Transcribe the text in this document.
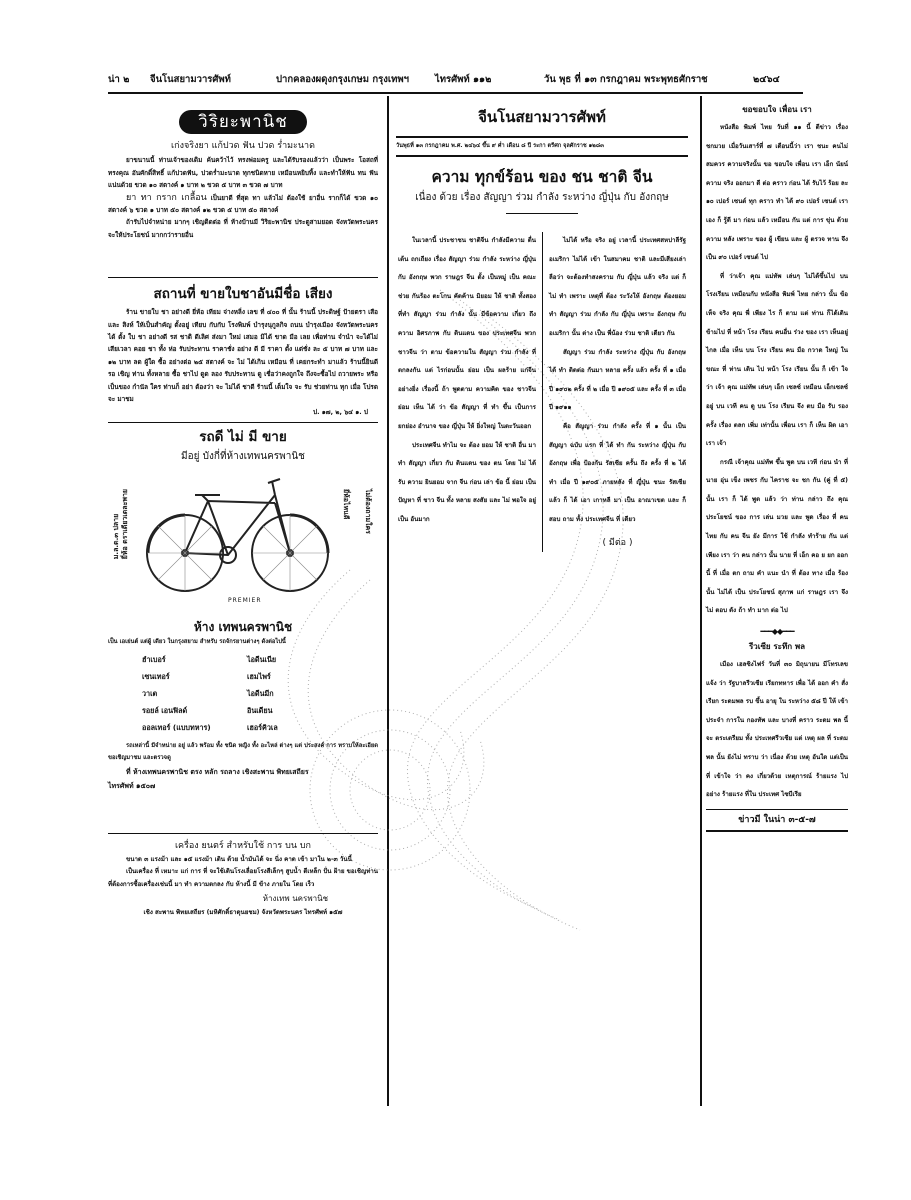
น่า ๒ จีนโนสยามวารศัพท์	ปากคลองผดุงกรุงเกษม กรุงเทพฯ	ไทรศัพท์ ๑๑๒	วัน พุธ ที่ ๑๓ กรกฎาคม พระพุทธศักราช	๒๔๖๔
วิริยะพานิช
เก่งจริงยา แก้ปวด ฟัน ปวด ร่ำมะนาด

ยาขนานนี้ ท่านเจ้าของเดิม ค้นคว้าไว้ ทรงพ่อมครู และได้รับรองแล้วว่า เป็นพระ โอสถที่ ทรงคุณ อันศักดิ์สิทธิ์ แก้ปวดฟัน, ปวดร่ำมะนาด ทุกชนิดหาย เหมือนหยิบทิ้ง และทำให้ฟัน ทน ฟันแน่นด้วย ขวด ๑๐ สตางค์ ๑ บาท ๒ ขวด ๕ บาท ๓ ขวด ๗ บาท

ยา ทา กราก เกลื้อน เป็นยาดี ที่สุด ทา แล้วไม่ ต้องใช้ ยาอื่น รากก็ได้ ขวด ๑๐ สตางค์ ๖ ขวด ๑ บาท ๕๐ สตางค์ ๑๒ ขวด ๕ บาท ๕๐ สตางค์

ถ้ารับไปจำหน่าย มากๆ เชิญติดต่อ ที่ ห้างบ้านมี วิริยะพานิช ประตูสามยอด จังหวัดพระนคร จะให้ประโยชน์ มากกว่ารายอื่น

สถานที่ ขายใบชาอันมีชื่อ เสียง

ร้าน ขายใบ ชา อย่างดี ยี่ห้อ เทียม จ่างหลิ่ง เลข ที่ ๔๐๐ ที่ นั้น ร้านนี้ ประดิษฐ์ ป้ายตรา เสือ และ สิงห์ ให้เป็นสำคัญ ตั้งอยู่ เทียบ กับกับ โรงพิมพ์ บำรุงนุกูลกิจ ถนน บำรุงเมือง จังหวัดพระนคร ได้ ตั้ง ใบ ชา อย่างดี รส ชาติ ดีเลิศ ส่งมา ใหม่ เสมอ มิได้ ขาด มือ เลย เพื่อท่าน จำนำ จะได้ไม่ เสียเวลา คอย ชา ทั้ง ห่อ รับประทาน ราคาชั่ง อย่าง ดี มี ราคา ตั้ง แต่ชั่ง ละ ๕ บาท ๗ บาท และ ๑๒ บาท ลด ผู้ใด ซื้อ อย่างต่อ ๒๕ สตางค์ จะ ไม่ ได้เกิน เหมือน ที่ เคยกระทำ มาแล้ว ร้านนี้ยินดี รอ เชิญ ท่าน ทั้งหลาย ซื้อ ชาไป ดูด ลอง รับประทาน ดู เชื่อว่าคงถูกใจ ถึงจะซื้อไป ถวายพระ หรือ เป็นของ กำนัล ใคร ท่านก็ อย่า ต้องว่า จะ ไม่ได้ ชาดี ร้านนี้ เต็มใจ จะ รับ ช่วยท่าน ทุก เมื่อ โปรด จะ มาชม

ป. ๑๗, ๒, ๖๔ ๑. ป
รถดี ไม่ มี ขาย
มีอยู่ บังกี่ที่ห้างเทพนครพานิช
ม.ล.ต.๓ ปลาย
ยี่ห้อ ตราเดียวเตละพาย
PREMIER
ยี่ห้อไหนดี ไม่ต้องถามใคร
ห้าง เทพนครพานิช
เป็น เอเย่นต์ แต่ผู้ เดียว ในกรุงสยาม สำหรับ รถจักรยานต่างๆ ดังต่อไปนี้
ฮำเบอร์	ไอดีนเนีย
เซนเทอร์	เฮมไพร์
วาเต	ไอดีนมีก
รอยล์ เอนฟิลด์	อินเดียน
ออลเทอร์ (แบบทหาร)	เฮอร์คิวเล

รถเหล่านี้ มีจำหน่าย อยู่ แล้ว พร้อม ทั้ง ชนิด หญิง ทั้ง อะไหล่ ต่างๆ แต่ ประสงค์ การ ทราบให้ละเอียด ขอเชิญมาชม และตรวจดู

ที่ ห้างเทพนครพานิช ตรง หลัก รถลาง เชิงสะพาน พิทยเสถียร

ไทรศัพท์ ๑๕๐๗
เครื่อง ยนตร์ สำหรับใช้ การ บน บก

ขนาด ๓ แรงม้า และ ๑๕ แรงม้า เติน ด้วย น้ำมันได้ จะ นิ่ง คาด เข้า มาใน ๒-๓ วันนี้

เป็นเครื่อง ที่ เหมาะ แก่ การ ที่ จะใช้เดินโรงเลื่อยโรงสีเล็กๆ สูบน้ำ ตีเหล็ก ปั่น ฝ้าย ขอเชิญท่านที่ต้องการซื้อเครื่องเช่นนี้ มา ทำ ความตกลง กับ ห้างนี้ มี ข้าง ภายใน โดย เร็ว

ห้างเทพ นครพานิช
เชิง สะพาน พิทยเสถียร (มหิศักดิ์ธาดุนยชม) จังหวัดพระนคร ไทรศัพท์ ๑๕๗
จีนโนสยามวารศัพท์
วันพุธที่ ๑๓ กรกฎาคม พ.ศ. ๒๔๖๔ ขึ้น ๙ ค่ำ เดือน ๘ ปี ระกา ตรีศก จุลศักราช ๑๒๘๓
ความ ทุกข์ร้อน ของ ชน ชาติ จีน
เนื่อง ด้วย เรื่อง สัญญา ร่วม กำลัง ระหว่าง ญี่ปุ่น กับ อังกฤษ

ในเวลานี้ ประชาชน ชาติจีน กำลังมีความ ตื่นเต้น ถกเถียง เรื่อง สัญญา ร่วม กำลัง ระหว่าง ญี่ปุ่น กับ อังกฤษ พวก ราษฎร จีน ตั้ง เป็นหมู่ เป็น คณะช่วย กันร้อง ตะโกน คัดค้าน มิยอม ให้ ชาติ ทั้งสอง ที่ทำ สัญญา ร่วม กำลัง นั้น มีข้อความ เกี่ยว ถึง ความ อิศรภาพ กับ ดินแดน ของ ประเทศจีน พวก ชาวจีน ว่า ตาม ข้อความใน สัญญา ร่วม กำลัง ที่ ตกลงกัน แต่ ไรก่อนนั้น ย่อม เป็น ผลร้าย แก่จีน อย่างยิ่ง เรื่องนี้ ถ้า พูดตาม ความคิด ของ ชาวจีน ย่อม เห็น ได้ ว่า ข้อ สัญญา ที่ ทำ ขึ้น เป็นการ ยกย่อง อำนาจ ของ ญี่ปุ่น ให้ ยิ่งใหญ่ ในตะวันออก

ประเทศจีน ทำไม จะ ต้อง ยอม ให้ ชาติ อื่น มา ทำ สัญญา เกี่ยว กับ ดินแดน ของ ตน โดย ไม่ ได้ รับ ความ ยินยอม จาก จีน ก่อน เล่า ข้อ นี้ ย่อม เป็น ปัญหา ที่ ชาว จีน ทั้ง หลาย สงสัย และ ไม่ พอใจ อยู่ เป็น อันมาก

ไม่ได้ หรือ จริง อยู่ เวลานี้ ประเทศสหปาลีรัฐ อเมริกา ไม่ได้ เข้า ในสมาคม ชาติ และมีเสียงเล่า ลือว่า จะต้องทำสงคราม กับ ญี่ปุ่น แล้ว จริง แต่ ก็ ไม่ ทำ เพราะ เหตุที่ ต้อง ระวังให้ อังกฤษ ต้องยอม ทำ สัญญา ร่วม กำลัง กับ ญี่ปุ่น เพราะ อังกฤษ กับ อเมริกา นั้น ต่าง เป็น พี่น้อง ร่วม ชาติ เดียว กัน

สัญญา ร่วม กำลัง ระหว่าง ญี่ปุ่น กับ อังกฤษ ได้ ทำ ติดต่อ กันมา หลาย ครั้ง แล้ว ครั้ง ที่ ๑ เมื่อ ปี ๑๙๐๒ ครั้ง ที่ ๒ เมื่อ ปี ๑๙๐๕ และ ครั้ง ที่ ๓ เมื่อ ปี ๑๙๑๑

คือ สัญญา ร่วม กำลัง ครั้ง ที่ ๑ นั้น เป็น สัญญา ฉบับ แรก ที่ ได้ ทำ กัน ระหว่าง ญี่ปุ่น กับ อังกฤษ เพื่อ ป้องกัน รัสเซีย ครั้น ถึง ครั้ง ที่ ๒ ได้ ทำ เมื่อ ปี ๑๙๐๕ ภายหลัง ที่ ญี่ปุ่น ชนะ รัสเซีย แล้ว ก็ ได้ เอา เกาหลี มา เป็น อาณาเขต และ ก็ สอบ ถาม ทั้ง ประเทศจีน ที่ เดียว

( มีต่อ )
ขอขอบใจ เพื่อน เรา

หนังสือ พิมพ์ ไทย วันที่ ๑๑ นี้ ตีข่าว เรื่อง ชกมวย เมื่อวันเสาร์ที่ ๗ เดือนนี้ว่า เรา ชนะ คนไม่สมควร ความจริงนั้น ขอ ขอบใจ เพื่อน เรา เอ็ก นัยน์ ความ จริง ออกมา ดี ต่อ คราว ก่อน ได้ รับไว้ ร้อย ละ ๑๐ เปอร์ เซนต์ ทุก คราว ทำ ได้ ๙๐ เปอร์ เซนต์ เรา เอง ก็ รู้ดี มา ก่อน แล้ว เหมือน กัน แต่ การ ขุ่น ด้วย ความ หลัง เพราะ ของ ผู้ เขียน และ ผู้ ตรวจ ทาน จึง เป็น ๙๐ เปอร์ เซนต์ ไป

ที่ ว่าเจ้า คุณ แม่ทัพ เล่นๆ ไม่ได้ขึ้นไป บนโรงเรียน เหมือนกับ หนังสือ พิมพ์ ไทย กล่าว นั้น ข้อ เท็จ จริง คุณ พี่ เพียง ไร ก็ ตาม แต่ ท่าน ก็ได้เดินข้ามไป ที่ หน้า โรง เรียน คนอื่น ร่วง ของ เรา เห็นอยู่ ไกล เมื่อ เห็น บน โรง เรียน คน มือ กวาด ใหญ่ ใน ขณะ ที่ ท่าน เดิน ไป หน้า โรง เรียน นั้น ก็ เข้า ใจ ว่า เจ้า คุณ แม่ทัพ เล่นๆ เอ็ก เซลซ์ เหมือน เอ็กเซลซ์ อยู่ บน เวที คน ดู บน โรง เรียน จึง ตบ มือ รับ รอง ครั้ง เรื่อง ตลก เพิ่ม เท่านั้น เพื่อน เรา ก็ เห็น ผิด เอา เรา เจ้า

กรณี เจ้าคุณ แม่ทัพ ขึ้น พูด บน เวที ก่อน นำ ที่ นาย อุ่น เข็ง เพชร กับ ไคราช จะ ชก กัน (คู่ ที่ ๕) นั้น เรา ก็ ได้ พูด แล้ว ว่า ท่าน กล่าว ถึง คุณ ประโยชน์ ของ การ เล่น มวย และ พูด เรื่อง ที่ คน ไทย กับ คน จีน ยัง มีการ ใช้ กำลัง ทำร้าย กัน แต่ เพียง เรา ว่า คน กล่าว นั้น นาย ที่ เอ็ก คอ ย ยก ออก นี้ ที่ เมื่อ ตก ถาม คำ แนะ นำ ที่ ต้อง ทาง เมื่อ ร้อง นั้น ไม่ได้ เป็น ประโยชน์ สุภาพ แก่ ราษฎร เรา จึง ไม่ ตอบ ดัง ถ้า ทำ มาก ต่อ ไป

━━━◆◆━━━
รีวเซีย ระทึก พล

เมือง เฮลซิงไฟร์ วันที่ ๓๐ มิถุนายน มีโทรเลขแจ้ง ว่า รัฐบาลรีวเซีย เรียกทหาร เพื่อ ได้ ออก คำ สั่ง เรียก ระดมพล รบ ขึ้น อายุ ใน ระหว่าง ๕๘ ปี ให้ เข้า ประจำ การใน กองทัพ และ บางที่ คราว ระดม พล นี้ จะ ตระเตรียม ทั้ง ประเทศรีวเซีย แต่ เหตุ ผล ที่ ระดม พล นั้น ยังไม่ ทราบ ว่า เนื่อง ด้วย เหตุ อันใด แต่เป็น ที่ เข้าใจ ว่า คง เกี่ยวด้วย เหตุการณ์ ร้ายแรง ไป อย่าง ร้ายแรง ที่ใน ประเทศ ไซบีเรีย

ข่าวมี ในน่า ๓-๕-๗
